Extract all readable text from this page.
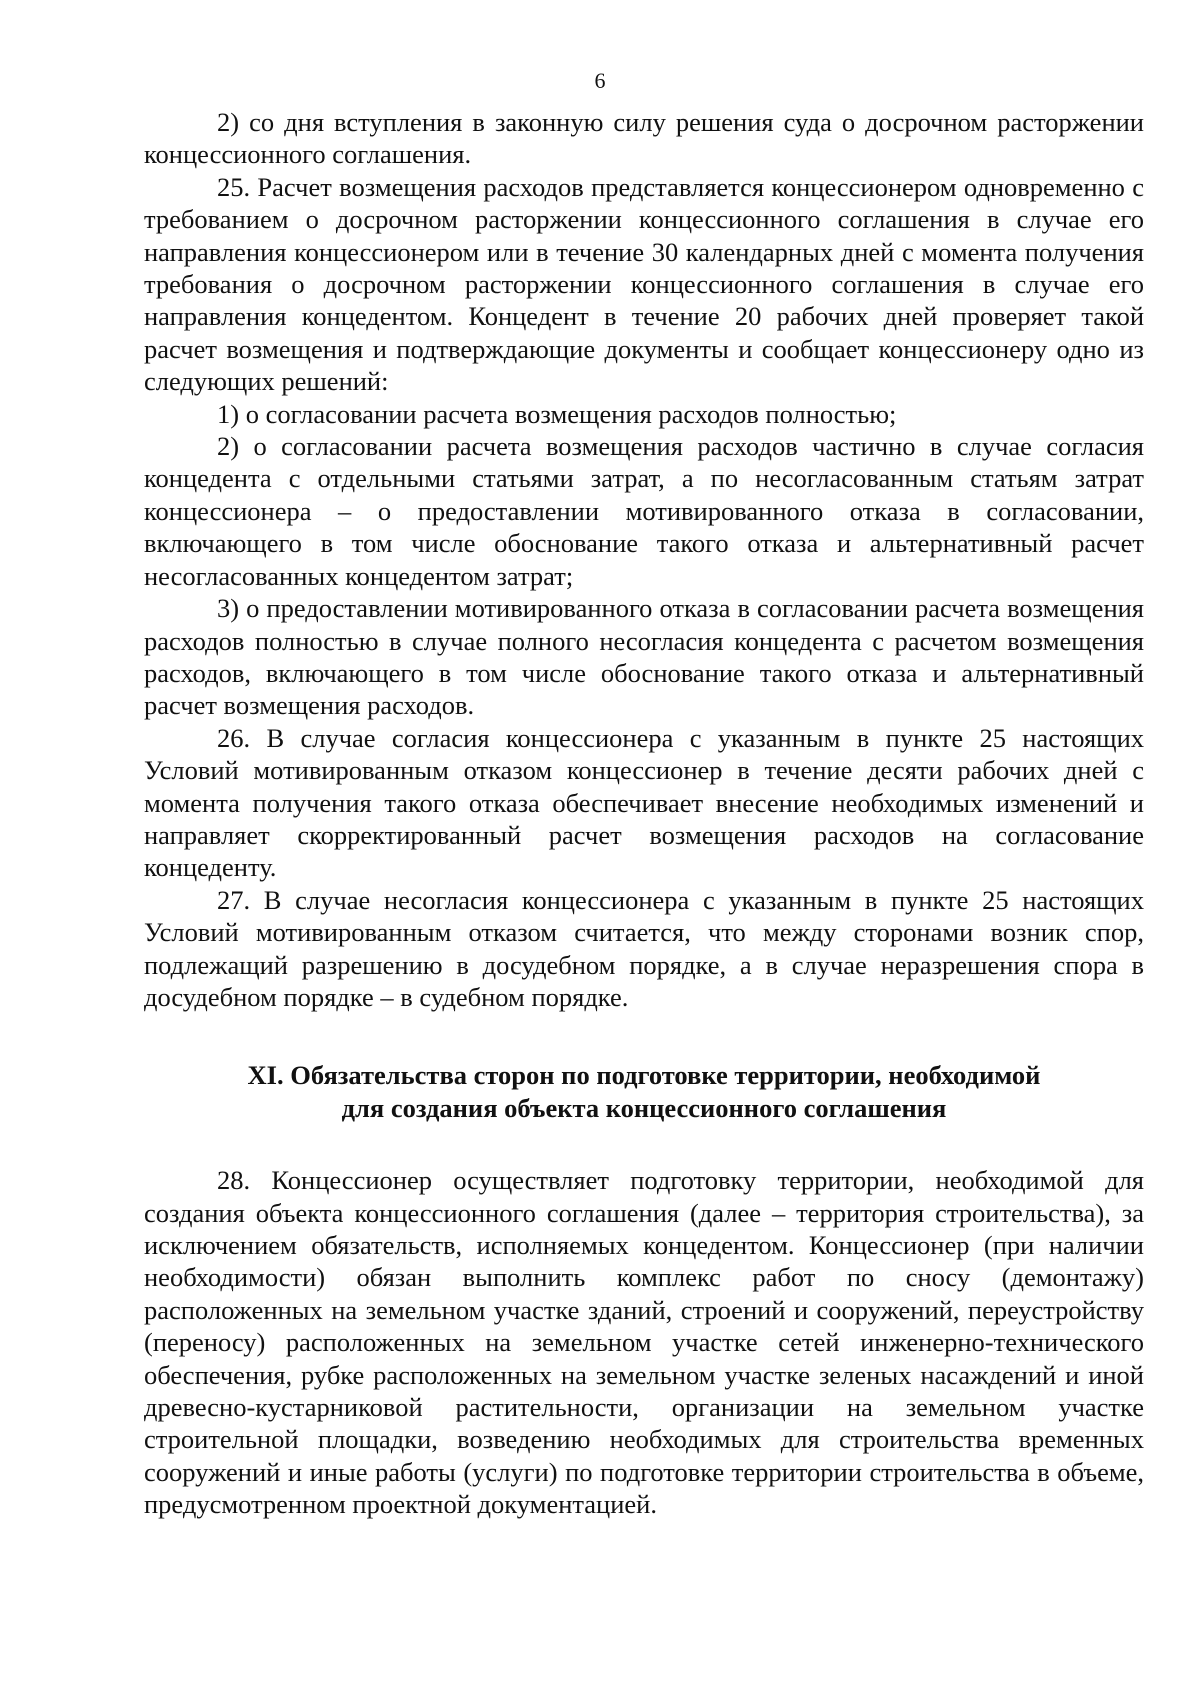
6

2) со дня вступления в законную силу решения суда о досрочном расторжении концессионного соглашения.

25. Расчет возмещения расходов представляется концессионером одновременно с требованием о досрочном расторжении концессионного соглашения в случае его направления концессионером или в течение 30 календарных дней с момента получения требования о досрочном расторжении концессионного соглашения в случае его направления концедентом. Концедент в течение 20 рабочих дней проверяет такой расчет возмещения и подтверждающие документы и сообщает концессионеру одно из следующих решений:

1) о согласовании расчета возмещения расходов полностью;

2) о согласовании расчета возмещения расходов частично в случае согласия концедента с отдельными статьями затрат, а по несогласованным статьям затрат концессионера – о предоставлении мотивированного отказа в согласовании, включающего в том числе обоснование такого отказа и альтернативный расчет несогласованных концедентом затрат;

3) о предоставлении мотивированного отказа в согласовании расчета возмещения расходов полностью в случае полного несогласия концедента с расчетом возмещения расходов, включающего в том числе обоснование такого отказа и альтернативный расчет возмещения расходов.

26. В случае согласия концессионера с указанным в пункте 25 настоящих Условий мотивированным отказом концессионер в течение десяти рабочих дней с момента получения такого отказа обеспечивает внесение необходимых изменений и направляет скорректированный расчет возмещения расходов на согласование концеденту.

27. В случае несогласия концессионера с указанным в пункте 25 настоящих Условий мотивированным отказом считается, что между сторонами возник спор, подлежащий разрешению в досудебном порядке, а в случае неразрешения спора в досудебном порядке – в судебном порядке.

XI. Обязательства сторон по подготовке территории, необходимой
для создания объекта концессионного соглашения

28. Концессионер осуществляет подготовку территории, необходимой для создания объекта концессионного соглашения (далее – территория строительства), за исключением обязательств, исполняемых концедентом. Концессионер (при наличии необходимости) обязан выполнить комплекс работ по сносу (демонтажу) расположенных на земельном участке зданий, строений и сооружений, переустройству (переносу) расположенных на земельном участке сетей инженерно-технического обеспечения, рубке расположенных на земельном участке зеленых насаждений и иной древесно-кустарниковой растительности, организации на земельном участке строительной площадки, возведению необходимых для строительства временных сооружений и иные работы (услуги) по подготовке территории строительства в объеме, предусмотренном проектной документацией.
